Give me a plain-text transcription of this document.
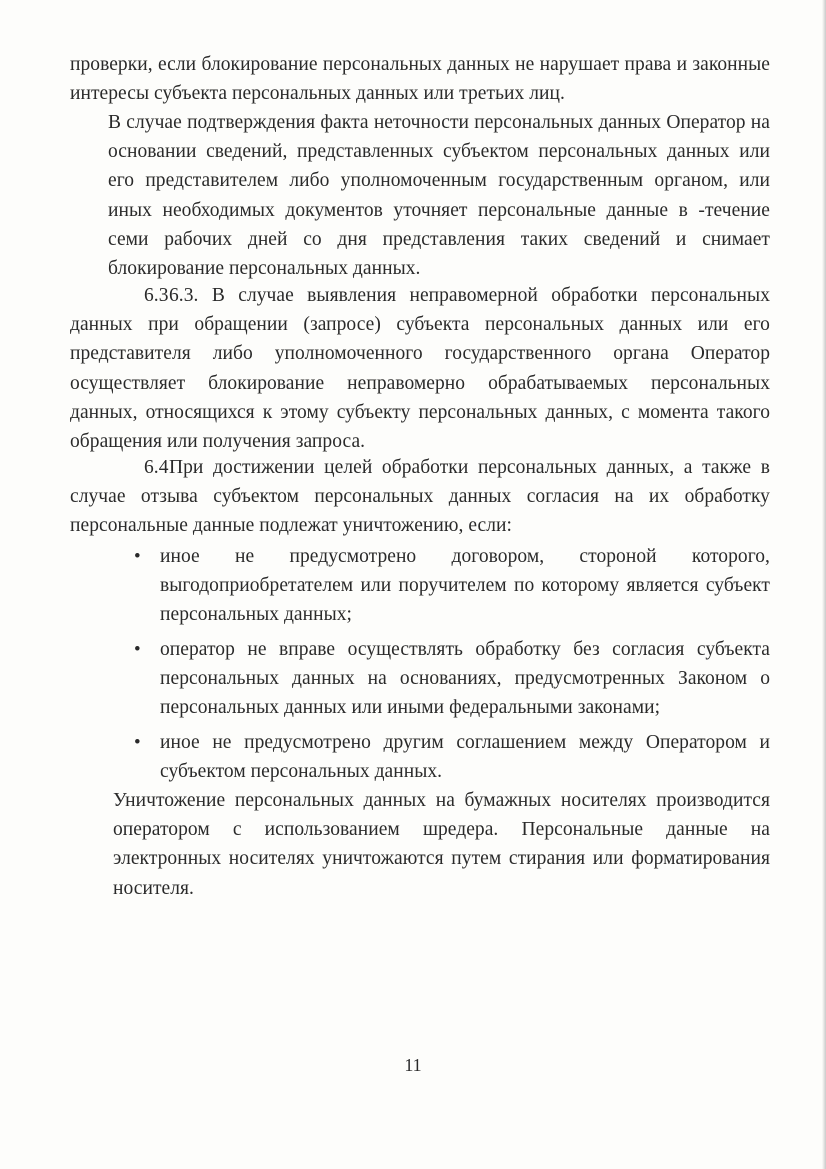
проверки, если блокирование персональных данных не нарушает права и законные интересы субъекта персональных данных или третьих лиц.
В случае подтверждения факта неточности персональных данных Оператор на основании сведений, представленных субъектом персональных данных или его представителем либо уполномоченным государственным органом, или иных необходимых документов уточняет персональные данные в -течение семи рабочих дней со дня представления таких сведений и снимает блокирование персональных данных.
6.36.3. В случае выявления неправомерной обработки персональных данных при обращении (запросе) субъекта персональных данных или его представителя либо уполномоченного государственного органа Оператор осуществляет блокирование неправомерно обрабатываемых персональных данных, относящихся к этому субъекту персональных данных, с момента такого обращения или получения запроса.
6.4При достижении целей обработки персональных данных, а также в случае отзыва субъектом персональных данных согласия на их обработку персональные данные подлежат уничтожению, если:
• иное не предусмотрено договором, стороной которого, выгодоприобретателем или поручителем по которому является субъект персональных данных;
• оператор не вправе осуществлять обработку без согласия субъекта персональных данных на основаниях, предусмотренных Законом о персональных данных или иными федеральными законами;
• иное не предусмотрено другим соглашением между Оператором и субъектом персональных данных.
Уничтожение персональных данных на бумажных носителях производится оператором с использованием шредера. Персональные данные на электронных носителях уничтожаются путем стирания или форматирования носителя.
11
